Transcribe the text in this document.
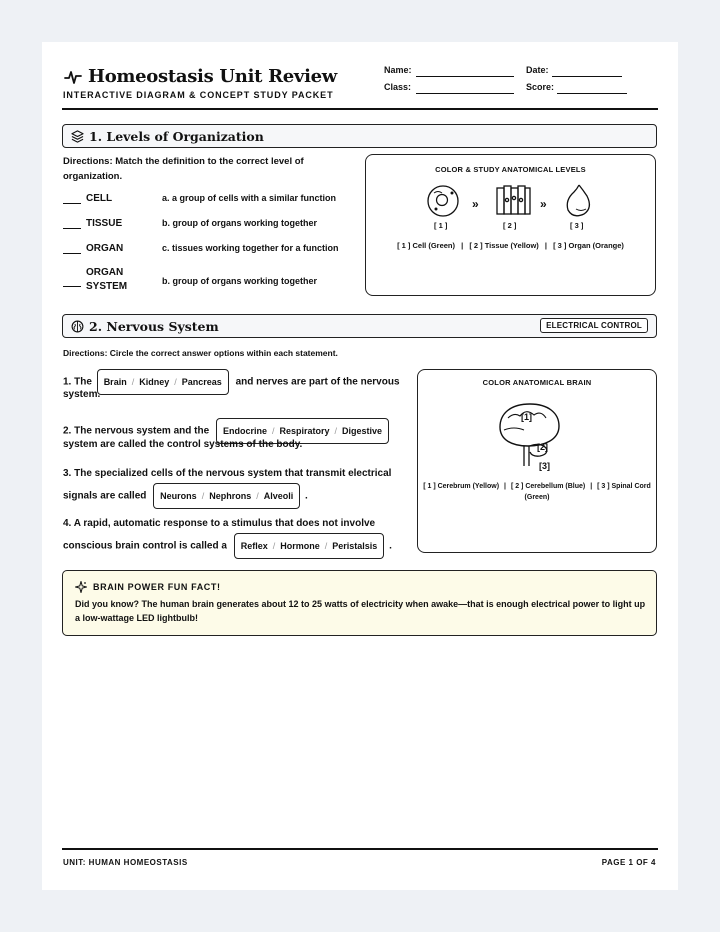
Homeostasis Unit Review
INTERACTIVE DIAGRAM & CONCEPT STUDY PACKET
Name:	Date:
Class:	Score:
1. Levels of Organization
Directions: Match the definition to the correct level of organization.
CELL	a. a group of cells with a similar function
TISSUE	b. group of organs working together
ORGAN	c. tissues working together for a function
ORGAN SYSTEM	b. group of organs working together
COLOR & STUDY ANATOMICAL LEVELS
»	»
[ 1 ]	[ 2 ]	[ 3 ]
[ 1 ] Cell (Green) | [ 2 ] Tissue (Yellow) | [ 3 ] Organ (Orange)
2. Nervous System	ELECTRICAL CONTROL
Directions: Circle the correct answer options within each statement.
1. The Brain / Kidney / Pancreas and nerves are part of the nervous
system.
2. The nervous system and the Endocrine / Respiratory / Digestive
system are called the control systems of the body.
3. The specialized cells of the nervous system that transmit electrical
signals are called Neurons / Nephrons / Alveoli .
4. A rapid, automatic response to a stimulus that does not involve
conscious brain control is called a Reflex / Hormone / Peristalsis .
COLOR ANATOMICAL BRAIN
[1]
[2]
[3]
[ 1 ] Cerebrum (Yellow) | [ 2 ] Cerebellum (Blue) | [ 3 ] Spinal Cord (Green)
BRAIN POWER FUN FACT!
Did you know? The human brain generates about 12 to 25 watts of electricity when awake—that is enough electrical power to light up a low-wattage LED lightbulb!
UNIT: HUMAN HOMEOSTASIS	PAGE 1 OF 4
